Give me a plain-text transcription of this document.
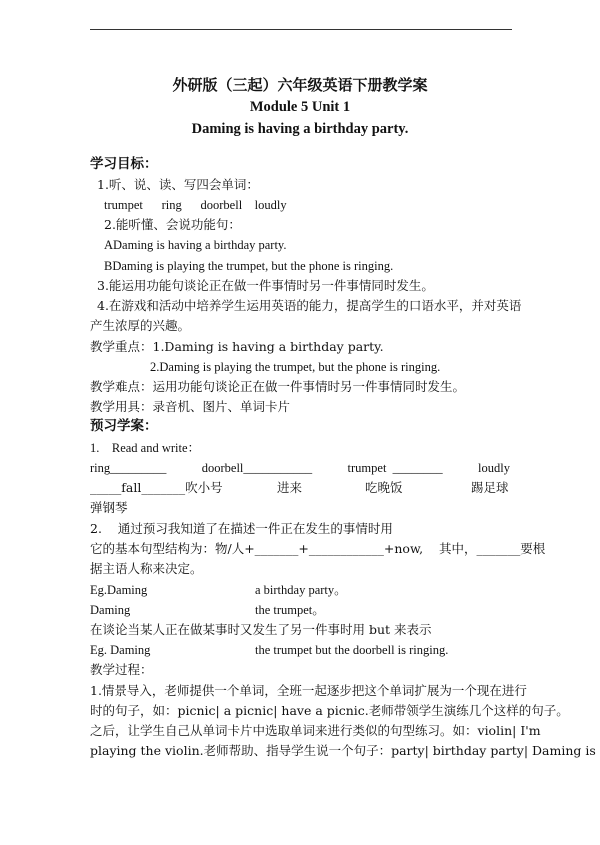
外研版（三起）六年级英语下册教学案
Module 5 Unit 1
Daming is having a birthday party.
学习目标：
1.听、说、读、写四会单词：
trumpet      ring      doorbell    loudly
2.能听懂、会说功能句：
ADaming is having a birthday party.
BDaming is playing the trumpet, but the phone is ringing.
3.能运用功能句谈论正在做一件事情时另一件事情同时发生。
4.在游戏和活动中培养学生运用英语的能力，提高学生的口语水平，并对英语
产生浓厚的兴趣。
教学重点：1.Daming is having a birthday party.
2.Daming is playing the trumpet, but the phone is ringing.
教学难点：运用功能句谈论正在做一件事情时另一件事情同时发生。
教学用具：录音机、图片、单词卡片
预习学案：
1.    Read and write：
ring_________	doorbell___________	trumpet  ________	loudly
_____fall_______吹小号	进来	吃晚饭	踢足球
弹钢琴
2.    通过预习我知道了在描述一件正在发生的事情时用
它的基本句型结构为：物/人+_______+____________+now,    其中，_______要根
据主语人称来决定。
Eg.Daming	a birthday party。
Daming	the trumpet。
在谈论当某人正在做某事时又发生了另一件事时用 but 来表示
Eg. Daming	the trumpet but the doorbell is ringing.
教学过程：
1.情景导入，老师提供一个单词，全班一起逐步把这个单词扩展为一个现在进行
时的句子，如：picnic| a picnic| have a picnic.老师带领学生演练几个这样的句子。
之后，让学生自己从单词卡片中选取单词来进行类似的句型练习。如：violin| I'm
playing the violin.老师帮助、指导学生说一个句子：party| birthday party| Daming is
